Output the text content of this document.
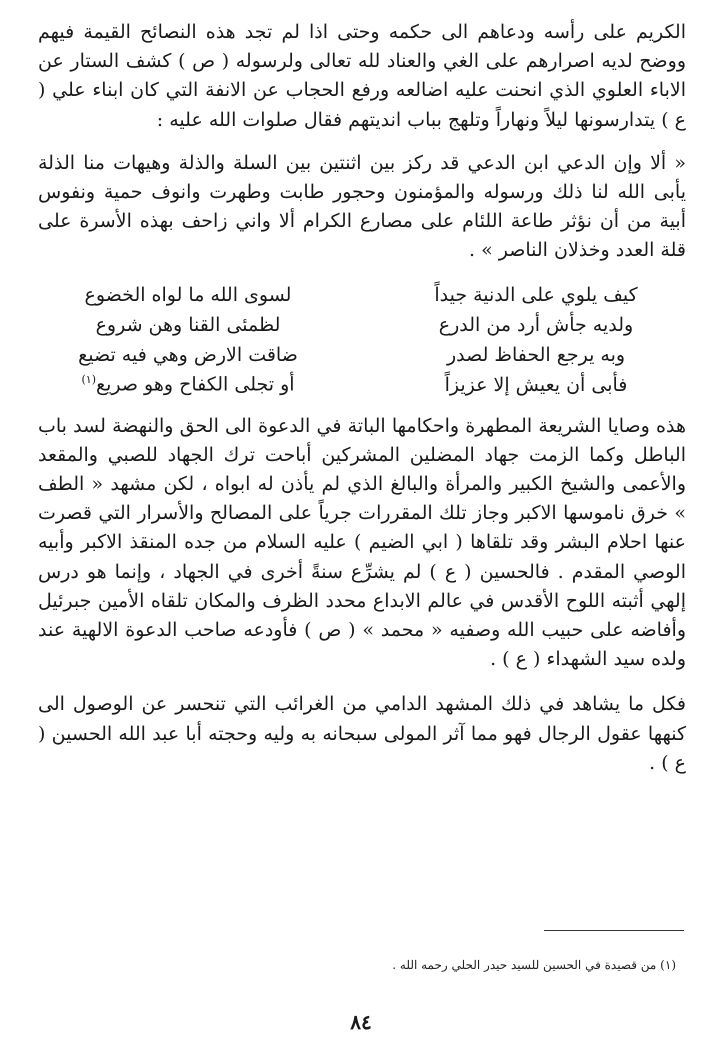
الكريم على رأسه ودعاهم الى حكمه وحتى اذا لم تجد هذه النصائح القيمة فيهم ووضح لديه اصرارهم على الغي والعناد لله تعالى ولرسوله ( ص ) كشف الستار عن الاباء العلوي الذي انحنت عليه اضالعه ورفع الحجاب عن الانفة التي كان ابناء علي ( ع ) يتدارسونها ليلاً ونهاراً وتلهج بباب انديتهم فقال صلوات الله عليه :

« ألا وإن الدعي ابن الدعي قد ركز بين اثنتين بين السلة والذلة وهيهات منا الذلة يأبى الله لنا ذلك ورسوله والمؤمنون وحجور طابت وطهرت وانوف حمية ونفوس أبية من أن نؤثر طاعة اللئام على مصارع الكرام ألا واني زاحف بهذه الأسرة على قلة العدد وخذلان الناصر » .

كيف يلوي على الدنية جيداً
لسوى الله ما لواه الخضوع
ولديه جأش أرد من الدرع
لظمئى القنا وهن شروع
وبه يرجع الحفاظ لصدر
ضاقت الارض وهي فيه تضيع
فأبى أن يعيش إلا عزيزاً
أو تجلى الكفاح وهو صريع$^{(١)}$

هذه وصايا الشريعة المطهرة واحكامها الباتة في الدعوة الى الحق والنهضة لسد باب الباطل وكما الزمت جهاد المضلين المشركين أباحت ترك الجهاد للصبي والمقعد والأعمى والشيخ الكبير والمرأة والبالغ الذي لم يأذن له ابواه ، لكن مشهد « الطف » خرق ناموسها الاكبر وجاز تلك المقررات جرياً على المصالح والأسرار التي قصرت عنها احلام البشر وقد تلقاها ( ابي الضيم ) عليه السلام من جده المنقذ الاكبر وأبيه الوصي المقدم . فالحسين ( ع ) لم يشرِّع سنةً أخرى في الجهاد ، وإنما هو درس إلهي أثبته اللوح الأقدس في عالم الابداع محدد الظرف والمكان تلقاه الأمين جبرئيل وأفاضه على حبيب الله وصفيه « محمد » ( ص ) فأودعه صاحب الدعوة الالهية عند ولده سيد الشهداء ( ع ) .

فكل ما يشاهد في ذلك المشهد الدامي من الغرائب التي تنحسر عن الوصول الى كنهها عقول الرجال فهو مما آثر المولى سبحانه به وليه وحجته أبا عبد الله الحسين ( ع ) .

(١) من قصيدة في الحسين للسيد حيدر الحلي رحمه الله .
٨٤
